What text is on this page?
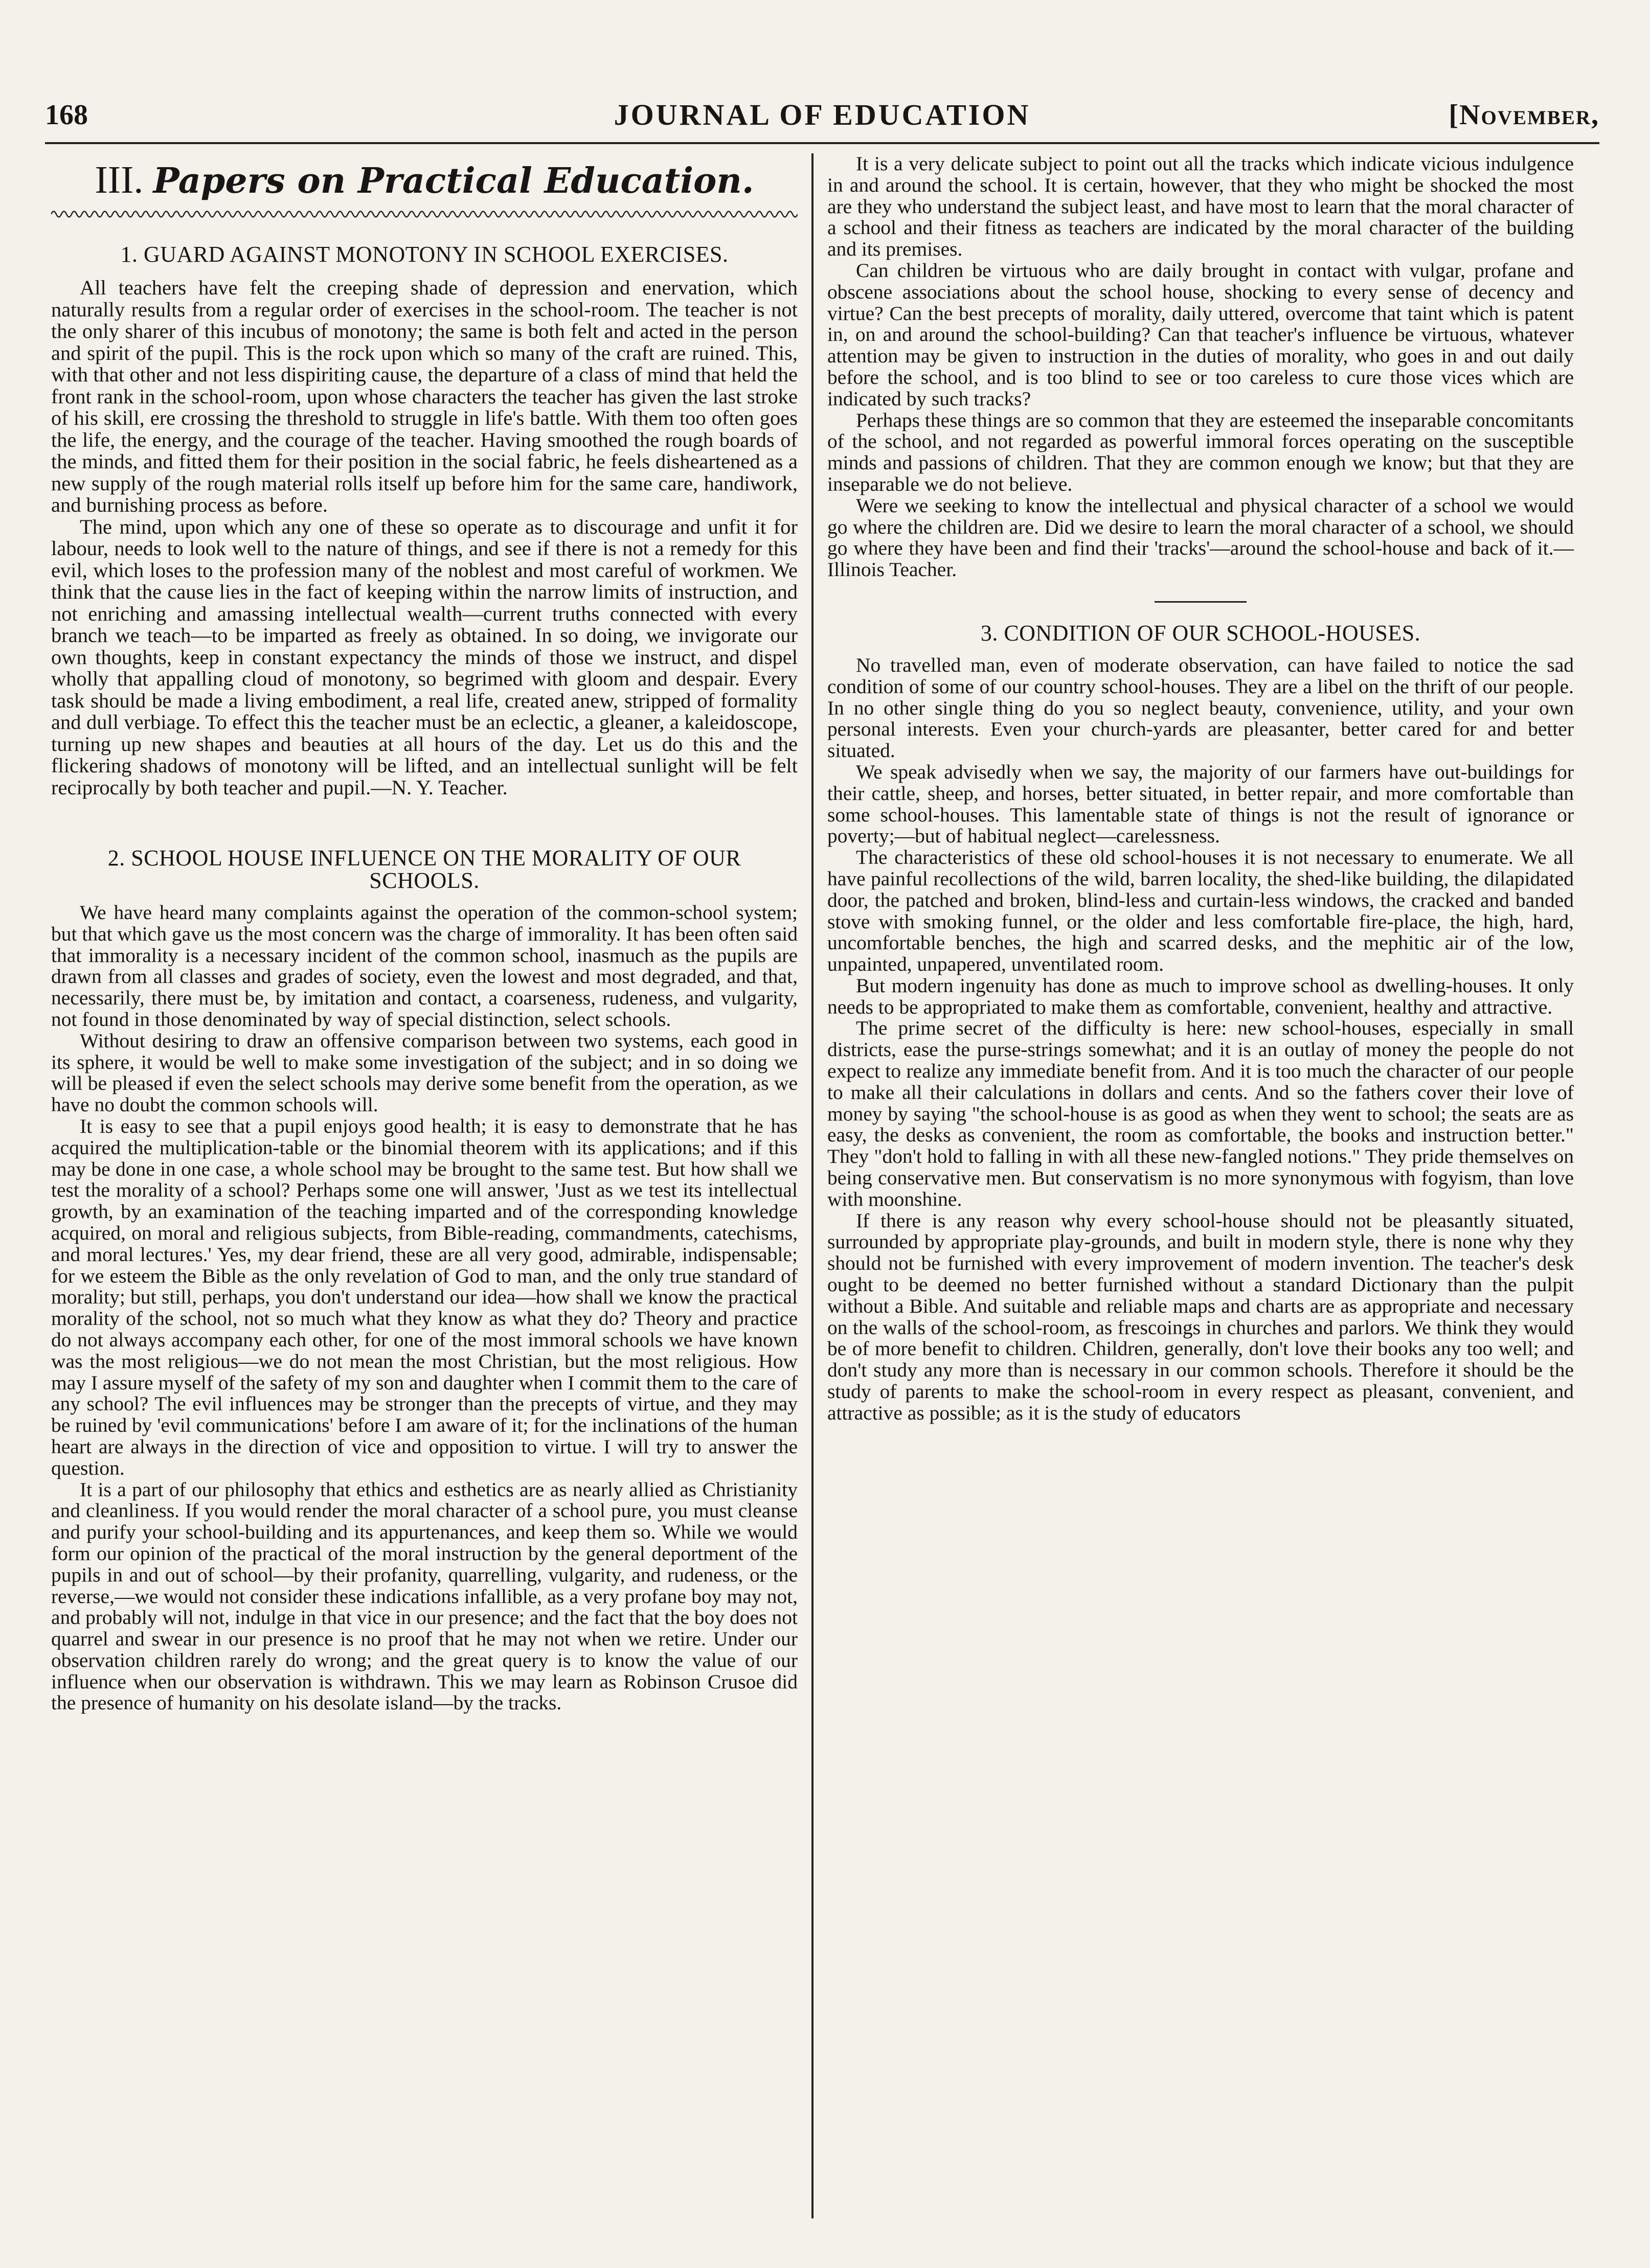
JOURNAL OF EDUCATION
168	[November,
III. Papers on Practical Education.
1. GUARD AGAINST MONOTONY IN SCHOOL EXERCISES.

All teachers have felt the creeping shade of depression and enervation, which naturally results from a regular order of exercises in the school-room. The teacher is not the only sharer of this incubus of monotony; the same is both felt and acted in the person and spirit of the pupil. This is the rock upon which so many of the craft are ruined. This, with that other and not less dispiriting cause, the departure of a class of mind that held the front rank in the school-room, upon whose characters the teacher has given the last stroke of his skill, ere crossing the threshold to struggle in life's battle. With them too often goes the life, the energy, and the courage of the teacher. Having smoothed the rough boards of the minds, and fitted them for their position in the social fabric, he feels disheartened as a new supply of the rough material rolls itself up before him for the same care, handiwork, and burnishing process as before.

The mind, upon which any one of these so operate as to discourage and unfit it for labour, needs to look well to the nature of things, and see if there is not a remedy for this evil, which loses to the profession many of the noblest and most careful of workmen. We think that the cause lies in the fact of keeping within the narrow limits of instruction, and not enriching and amassing intellectual wealth—current truths connected with every branch we teach—to be imparted as freely as obtained. In so doing, we invigorate our own thoughts, keep in constant expectancy the minds of those we instruct, and dispel wholly that appalling cloud of monotony, so begrimed with gloom and despair. Every task should be made a living embodiment, a real life, created anew, stripped of formality and dull verbiage. To effect this the teacher must be an eclectic, a gleaner, a kaleidoscope, turning up new shapes and beauties at all hours of the day. Let us do this and the flickering shadows of monotony will be lifted, and an intellectual sunlight will be felt reciprocally by both teacher and pupil.—N. Y. Teacher.

2. SCHOOL HOUSE INFLUENCE ON THE MORALITY OF OUR SCHOOLS.

We have heard many complaints against the operation of the common-school system; but that which gave us the most concern was the charge of immorality. It has been often said that immorality is a necessary incident of the common school, inasmuch as the pupils are drawn from all classes and grades of society, even the lowest and most degraded, and that, necessarily, there must be, by imitation and contact, a coarseness, rudeness, and vulgarity, not found in those denominated by way of special distinction, select schools.

Without desiring to draw an offensive comparison between two systems, each good in its sphere, it would be well to make some investigation of the subject; and in so doing we will be pleased if even the select schools may derive some benefit from the operation, as we have no doubt the common schools will.

It is easy to see that a pupil enjoys good health; it is easy to demonstrate that he has acquired the multiplication-table or the binomial theorem with its applications; and if this may be done in one case, a whole school may be brought to the same test. But how shall we test the morality of a school? Perhaps some one will answer, 'Just as we test its intellectual growth, by an examination of the teaching imparted and of the corresponding knowledge acquired, on moral and religious subjects, from Bible-reading, commandments, catechisms, and moral lectures.' Yes, my dear friend, these are all very good, admirable, indispensable; for we esteem the Bible as the only revelation of God to man, and the only true standard of morality; but still, perhaps, you don't understand our idea—how shall we know the practical morality of the school, not so much what they know as what they do? Theory and practice do not always accompany each other, for one of the most immoral schools we have known was the most religious—we do not mean the most Christian, but the most religious. How may I assure myself of the safety of my son and daughter when I commit them to the care of any school? The evil influences may be stronger than the precepts of virtue, and they may be ruined by 'evil communications' before I am aware of it; for the inclinations of the human heart are always in the direction of vice and opposition to virtue. I will try to answer the question.

It is a part of our philosophy that ethics and esthetics are as nearly allied as Christianity and cleanliness. If you would render the moral character of a school pure, you must cleanse and purify your school-building and its appurtenances, and keep them so. While we would form our opinion of the practical of the moral instruction by the general deportment of the pupils in and out of school—by their profanity, quarrelling, vulgarity, and rudeness, or the reverse,—we would not consider these indications infallible, as a very profane boy may not, and probably will not, indulge in that vice in our presence; and the fact that the boy does not quarrel and swear in our presence is no proof that he may not when we retire. Under our observation children rarely do wrong; and the great query is to know the value of our influence when our observation is withdrawn. This we may learn as Robinson Crusoe did the presence of humanity on his desolate island—by the tracks.

It is a very delicate subject to point out all the tracks which indicate vicious indulgence in and around the school. It is certain, however, that they who might be shocked the most are they who understand the subject least, and have most to learn that the moral character of a school and their fitness as teachers are indicated by the moral character of the building and its premises.

Can children be virtuous who are daily brought in contact with vulgar, profane and obscene associations about the school house, shocking to every sense of decency and virtue? Can the best precepts of morality, daily uttered, overcome that taint which is patent in, on and around the school-building? Can that teacher's influence be virtuous, whatever attention may be given to instruction in the duties of morality, who goes in and out daily before the school, and is too blind to see or too careless to cure those vices which are indicated by such tracks?

Perhaps these things are so common that they are esteemed the inseparable concomitants of the school, and not regarded as powerful immoral forces operating on the susceptible minds and passions of children. That they are common enough we know; but that they are inseparable we do not believe.

Were we seeking to know the intellectual and physical character of a school we would go where the children are. Did we desire to learn the moral character of a school, we should go where they have been and find their 'tracks'—around the school-house and back of it.—Illinois Teacher.

3. CONDITION OF OUR SCHOOL-HOUSES.

No travelled man, even of moderate observation, can have failed to notice the sad condition of some of our country school-houses. They are a libel on the thrift of our people. In no other single thing do you so neglect beauty, convenience, utility, and your own personal interests. Even your church-yards are pleasanter, better cared for and better situated.

We speak advisedly when we say, the majority of our farmers have out-buildings for their cattle, sheep, and horses, better situated, in better repair, and more comfortable than some school-houses. This lamentable state of things is not the result of ignorance or poverty;—but of habitual neglect—carelessness.

The characteristics of these old school-houses it is not necessary to enumerate. We all have painful recollections of the wild, barren locality, the shed-like building, the dilapidated door, the patched and broken, blind-less and curtain-less windows, the cracked and banded stove with smoking funnel, or the older and less comfortable fire-place, the high, hard, uncomfortable benches, the high and scarred desks, and the mephitic air of the low, unpainted, unpapered, unventilated room.

But modern ingenuity has done as much to improve school as dwelling-houses. It only needs to be appropriated to make them as comfortable, convenient, healthy and attractive.

The prime secret of the difficulty is here: new school-houses, especially in small districts, ease the purse-strings somewhat; and it is an outlay of money the people do not expect to realize any immediate benefit from. And it is too much the character of our people to make all their calculations in dollars and cents. And so the fathers cover their love of money by saying "the school-house is as good as when they went to school; the seats are as easy, the desks as convenient, the room as comfortable, the books and instruction better." They "don't hold to falling in with all these new-fangled notions." They pride themselves on being conservative men. But conservatism is no more synonymous with fogyism, than love with moonshine.

If there is any reason why every school-house should not be pleasantly situated, surrounded by appropriate play-grounds, and built in modern style, there is none why they should not be furnished with every improvement of modern invention. The teacher's desk ought to be deemed no better furnished without a standard Dictionary than the pulpit without a Bible. And suitable and reliable maps and charts are as appropriate and necessary on the walls of the school-room, as frescoings in churches and parlors. We think they would be of more benefit to children. Children, generally, don't love their books any too well; and don't study any more than is necessary in our common schools. Therefore it should be the study of parents to make the school-room in every respect as pleasant, convenient, and attractive as possible; as it is the study of educators
